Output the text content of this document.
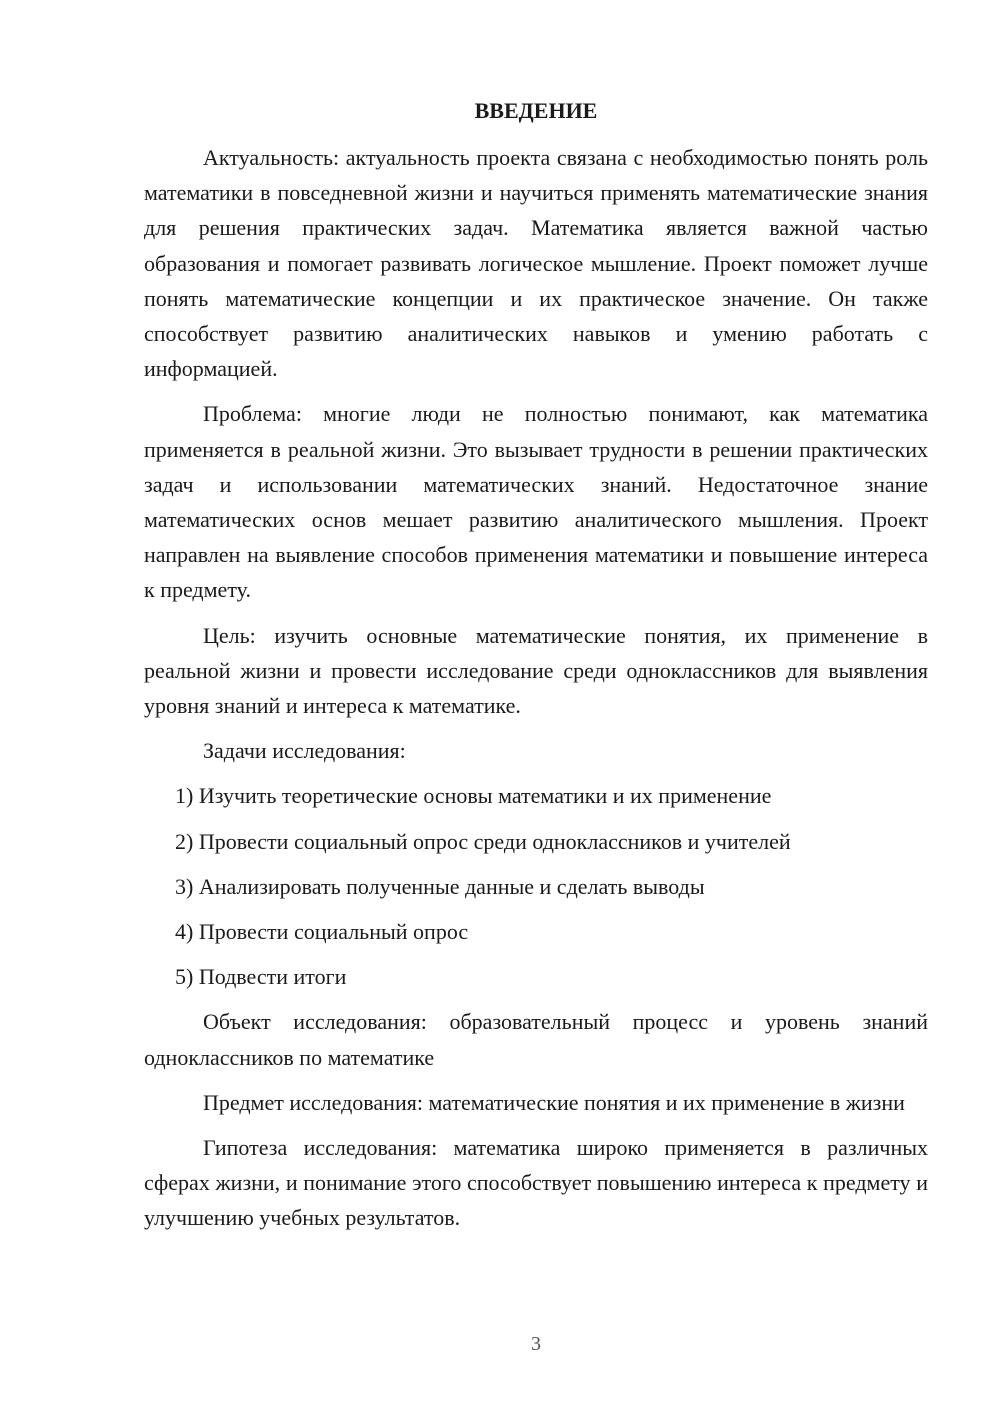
ВВЕДЕНИЕ

Актуальность: актуальность проекта связана с необходимостью понять роль математики в повседневной жизни и научиться применять математические знания для решения практических задач. Математика является важной частью образования и помогает развивать логическое мышление. Проект поможет лучше понять математические концепции и их практическое значение. Он также способствует развитию аналитических навыков и умению работать с информацией.

Проблема: многие люди не полностью понимают, как математика применяется в реальной жизни. Это вызывает трудности в решении практических задач и использовании математических знаний. Недостаточное знание математических основ мешает развитию аналитического мышления. Проект направлен на выявление способов применения математики и повышение интереса к предмету.

Цель: изучить основные математические понятия, их применение в реальной жизни и провести исследование среди одноклассников для выявления уровня знаний и интереса к математике.

Задачи исследования:

1) Изучить теоретические основы математики и их применение
2) Провести социальный опрос среди одноклассников и учителей
3) Анализировать полученные данные и сделать выводы
4) Провести социальный опрос
5) Подвести итоги

Объект исследования: образовательный процесс и уровень знаний одноклассников по математике

Предмет исследования: математические понятия и их применение в жизни

Гипотеза исследования: математика широко применяется в различных сферах жизни, и понимание этого способствует повышению интереса к предмету и улучшению учебных результатов.

3
